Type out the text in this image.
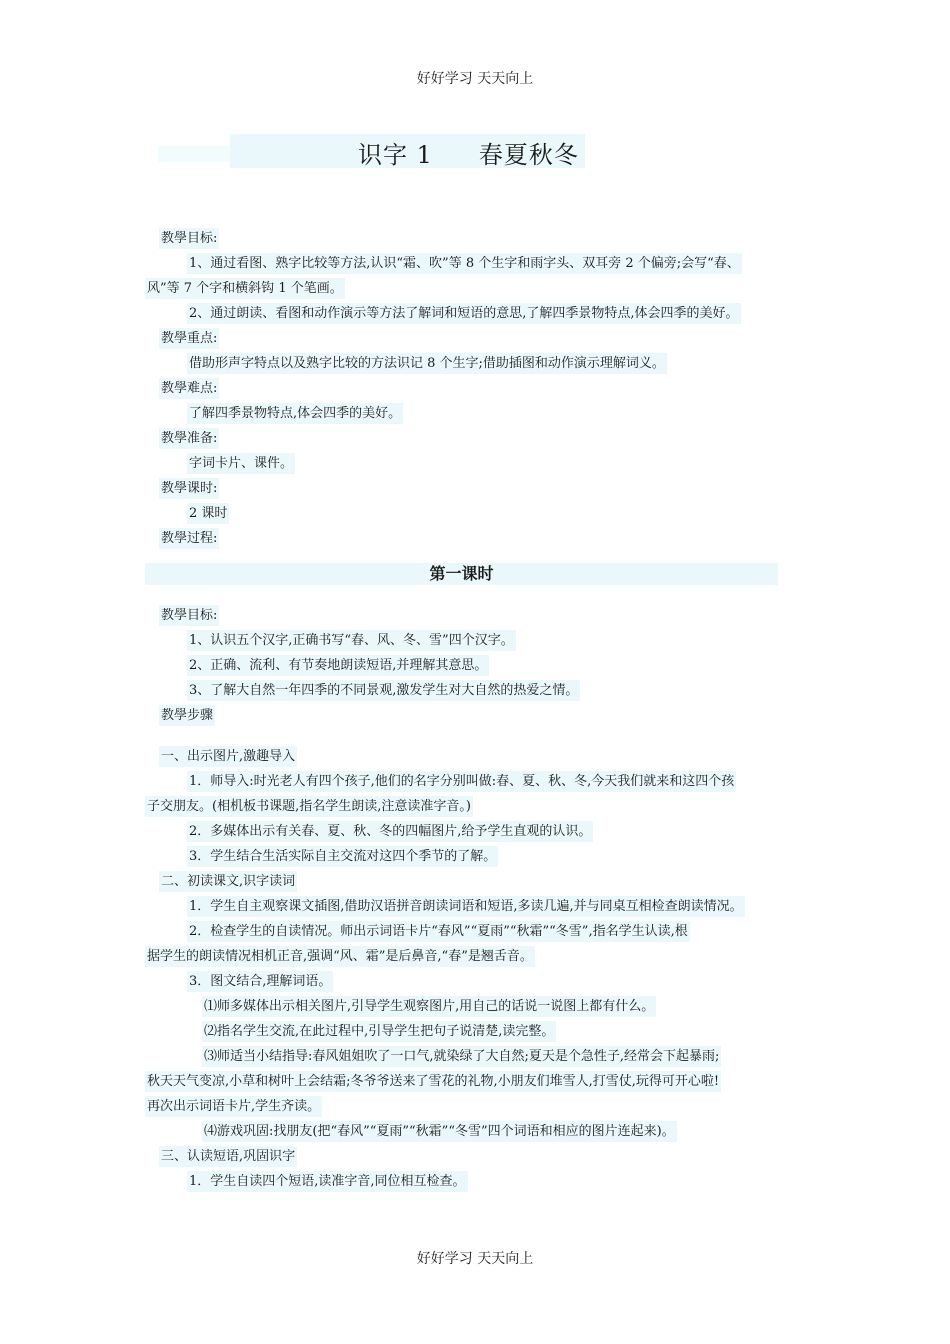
好好学习 天天向上
识字 1 春夏秋冬
教學目标:
1、通过看图、熟字比较等方法,认识“霜、吹”等 8 个生字和雨字头、双耳旁 2 个偏旁;会写“春、
风”等 7 个字和横斜钩 1 个笔画。
2、通过朗读、看图和动作演示等方法了解词和短语的意思,了解四季景物特点,体会四季的美好。
教學重点:
借助形声字特点以及熟字比较的方法识记 8 个生字;借助插图和动作演示理解词义。
教學难点:
了解四季景物特点,体会四季的美好。
教學准备:
字词卡片、课件。
教學课时:
2 课时
教學过程:
第一课时
教學目标:
1、认识五个汉字,正确书写“春、风、冬、雪”四个汉字。
2、正确、流利、有节奏地朗读短语,并理解其意思。
3、了解大自然一年四季的不同景观,激发学生对大自然的热爱之情。
教學步骤
一、出示图片,激趣导入
1．师导入:时光老人有四个孩子,他们的名字分别叫做:春、夏、秋、冬,今天我们就来和这四个孩
子交朋友。(相机板书课题,指名学生朗读,注意读准字音。)
2．多媒体出示有关春、夏、秋、冬的四幅图片,给予学生直观的认识。
3．学生结合生活实际自主交流对这四个季节的了解。
二、初读课文,识字读词
1．学生自主观察课文插图,借助汉语拼音朗读词语和短语,多读几遍,并与同桌互相检查朗读情况。
2．检查学生的自读情况。师出示词语卡片“春风”“夏雨”“秋霜”“冬雪”,指名学生认读,根
据学生的朗读情况相机正音,强调“风、霜”是后鼻音,“春”是翘舌音。
3．图文结合,理解词语。
⑴师多媒体出示相关图片,引导学生观察图片,用自己的话说一说图上都有什么。
⑵指名学生交流,在此过程中,引导学生把句子说清楚,读完整。
⑶师适当小结指导:春风姐姐吹了一口气,就染绿了大自然;夏天是个急性子,经常会下起暴雨;
秋天天气变凉,小草和树叶上会结霜;冬爷爷送来了雪花的礼物,小朋友们堆雪人,打雪仗,玩得可开心啦!
再次出示词语卡片,学生齐读。
⑷游戏巩固:找朋友(把“春风”“夏雨”“秋霜”“冬雪”四个词语和相应的图片连起来)。
三、认读短语,巩固识字
1．学生自读四个短语,读准字音,同位相互检查。
好好学习 天天向上
